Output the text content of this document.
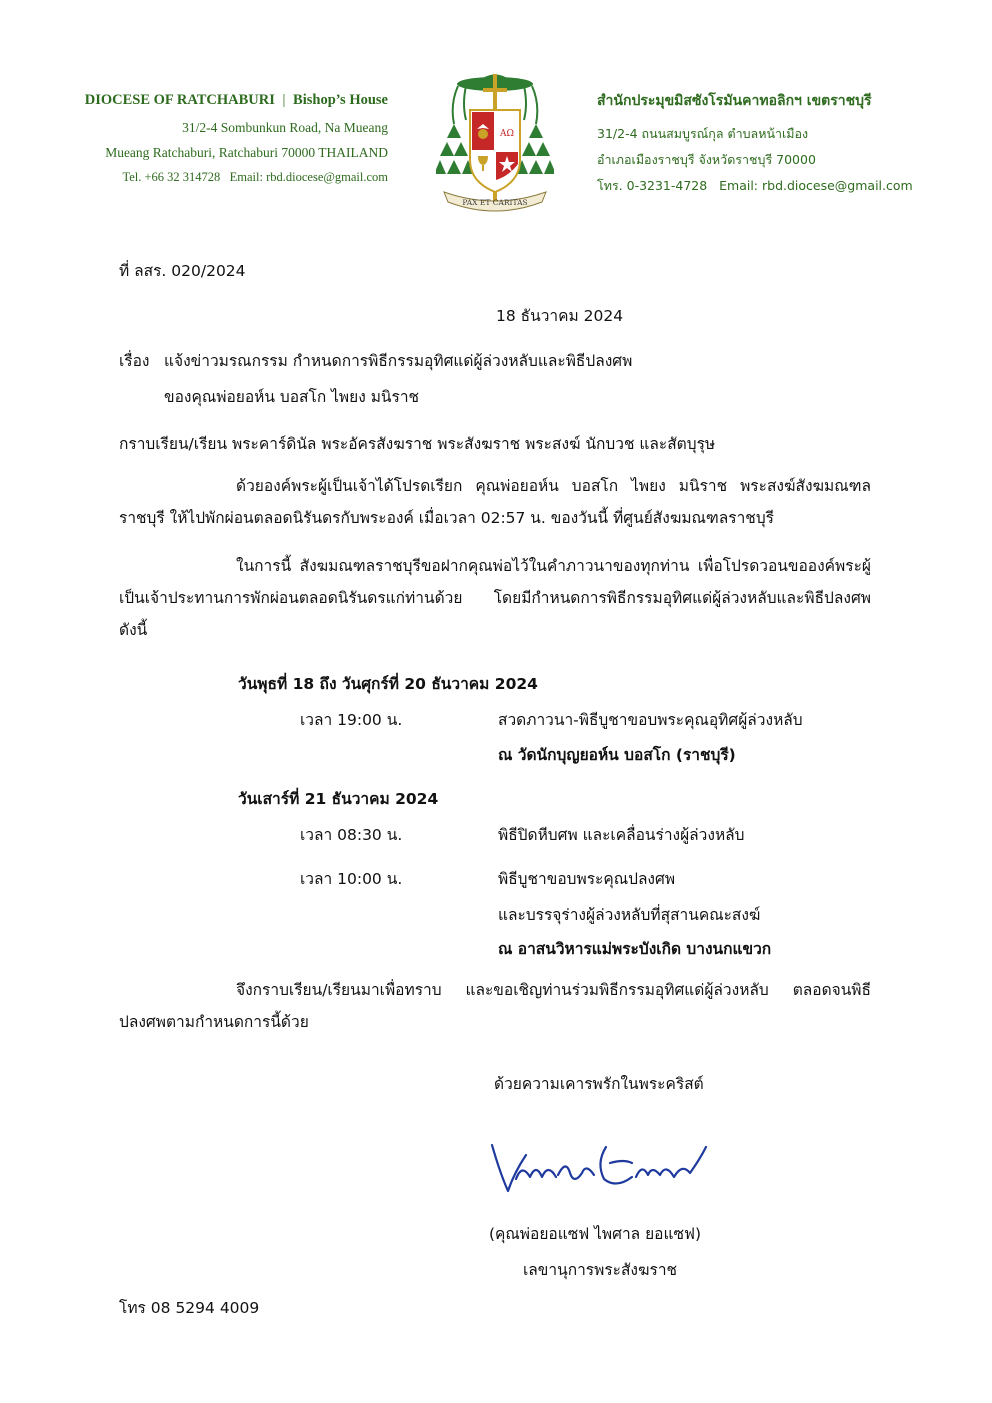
DIOCESE OF RATCHABURI | Bishop’s House
31/2-4 Sombunkun Road, Na Mueang
Mueang Ratchaburi, Ratchaburi 70000 THAILAND
Tel. +66 32 314728   Email: rbd.diocese@gmail.com
ΑΩ
PAX ET CARITAS
สำนักประมุขมิสซังโรมันคาทอลิกฯ เขตราชบุรี
31/2-4 ถนนสมบูรณ์กุล ตำบลหน้าเมือง
อำเภอเมืองราชบุรี จังหวัดราชบุรี 70000
โทร. 0-3231-4728   Email: rbd.diocese@gmail.com
ที่ ลสร. 020/2024
18 ธันวาคม 2024
เรื่อง แจ้งข่าวมรณกรรม กำหนดการพิธีกรรมอุทิศแด่ผู้ล่วงหลับและพิธีปลงศพ
ของคุณพ่อยอห์น บอสโก ไพยง มนิราช
กราบเรียน/เรียน พระคาร์ดินัล พระอัครสังฆราช พระสังฆราช พระสงฆ์ นักบวช และสัตบุรุษ
ด้วยองค์พระผู้เป็นเจ้าได้โปรดเรียก คุณพ่อยอห์น บอสโก ไพยง มนิราช พระสงฆ์สังฆมณฑลราชบุรี ให้ไปพักผ่อนตลอดนิรันดรกับพระองค์ เมื่อเวลา 02:57 น. ของวันนี้ ที่ศูนย์สังฆมณฑลราชบุรี
ในการนี้ สังฆมณฑลราชบุรีขอฝากคุณพ่อไว้ในคำภาวนาของทุกท่าน เพื่อโปรดวอนขอองค์พระผู้เป็นเจ้าประทานการพักผ่อนตลอดนิรันดรแก่ท่านด้วย โดยมีกำหนดการพิธีกรรมอุทิศแด่ผู้ล่วงหลับและพิธีปลงศพ ดังนี้
วันพุธที่ 18 ถึง วันศุกร์ที่ 20 ธันวาคม 2024
เวลา 19:00 น.	สวดภาวนา-พิธีบูชาขอบพระคุณอุทิศผู้ล่วงหลับ
ณ วัดนักบุญยอห์น บอสโก (ราชบุรี)
วันเสาร์ที่ 21 ธันวาคม 2024
เวลา 08:30 น.	พิธีปิดหีบศพ และเคลื่อนร่างผู้ล่วงหลับ
เวลา 10:00 น.	พิธีบูชาขอบพระคุณปลงศพ
และบรรจุร่างผู้ล่วงหลับที่สุสานคณะสงฆ์
ณ อาสนวิหารแม่พระบังเกิด บางนกแขวก
จึงกราบเรียน/เรียนมาเพื่อทราบ และขอเชิญท่านร่วมพิธีกรรมอุทิศแด่ผู้ล่วงหลับ ตลอดจนพิธีปลงศพตามกำหนดการนี้ด้วย
ด้วยความเคารพรักในพระคริสต์
(คุณพ่อยอแซฟ ไพศาล ยอแซฟ)
เลขานุการพระสังฆราช
โทร 08 5294 4009
